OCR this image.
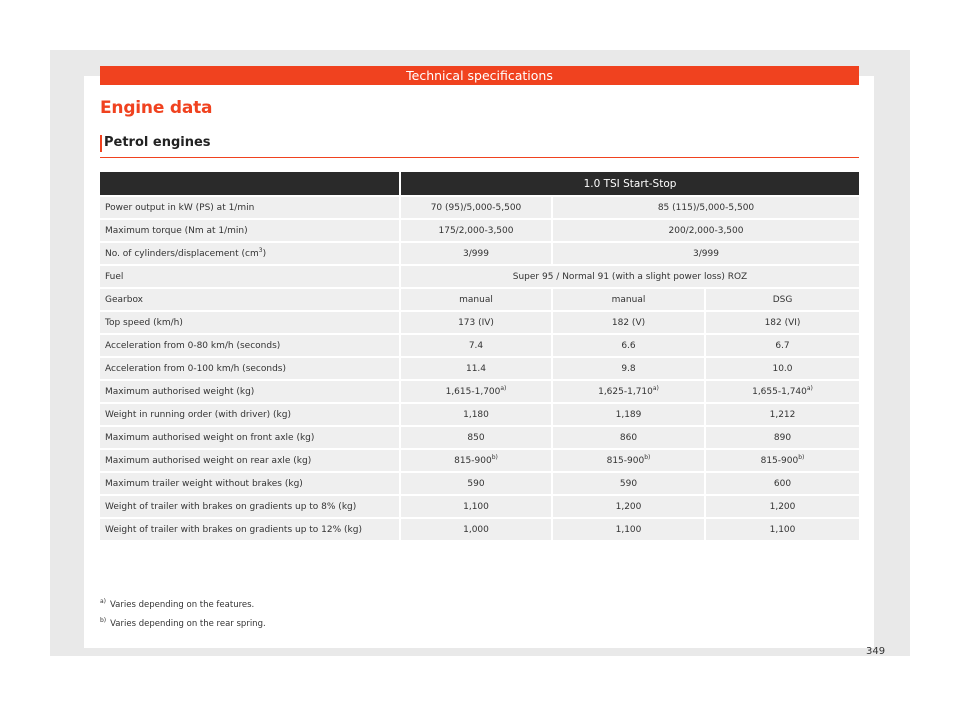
Technical specifications
Engine data
Petrol engines
	1.0 TSI Start-Stop		
Power output in kW (PS) at 1/min	70 (95)/5,000-5,500	85 (115)/5,000-5,500	
Maximum torque (Nm at 1/min)	175/2,000-3,500	200/2,000-3,500	
No. of cylinders/displacement $(cm^3)$	3/999	3/999	
Fuel	Super 95 / Normal 91 (with a slight power loss) ROZ		
Gearbox	manual	manual	DSG
Top speed (km/h)	173 (IV)	182 (V)	182 (VI)
Acceleration from 0-80 km/h (seconds)	7.4	6.6	6.7
Acceleration from 0-100 km/h (seconds)	11.4	9.8	10.0
Maximum authorised weight (kg)	1,615-1,700$^{a)}$	1,625-1,710$^{a)}$	1,655-1,740$^{a)}$
Weight in running order (with driver) (kg)	1,180	1,189	1,212
Maximum authorised weight on front axle (kg)	850	860	890
Maximum authorised weight on rear axle (kg)	815-900$^{b)}$	815-900$^{b)}$	815-900$^{b)}$
Maximum trailer weight without brakes (kg)	590	590	600
Weight of trailer with brakes on gradients up to 8% (kg)	1,100	1,200	1,200
Weight of trailer with brakes on gradients up to 12% (kg)	1,000	1,100	1,100
$^{a)}$ Varies depending on the features.
$^{b)}$ Varies depending on the rear spring.
349
